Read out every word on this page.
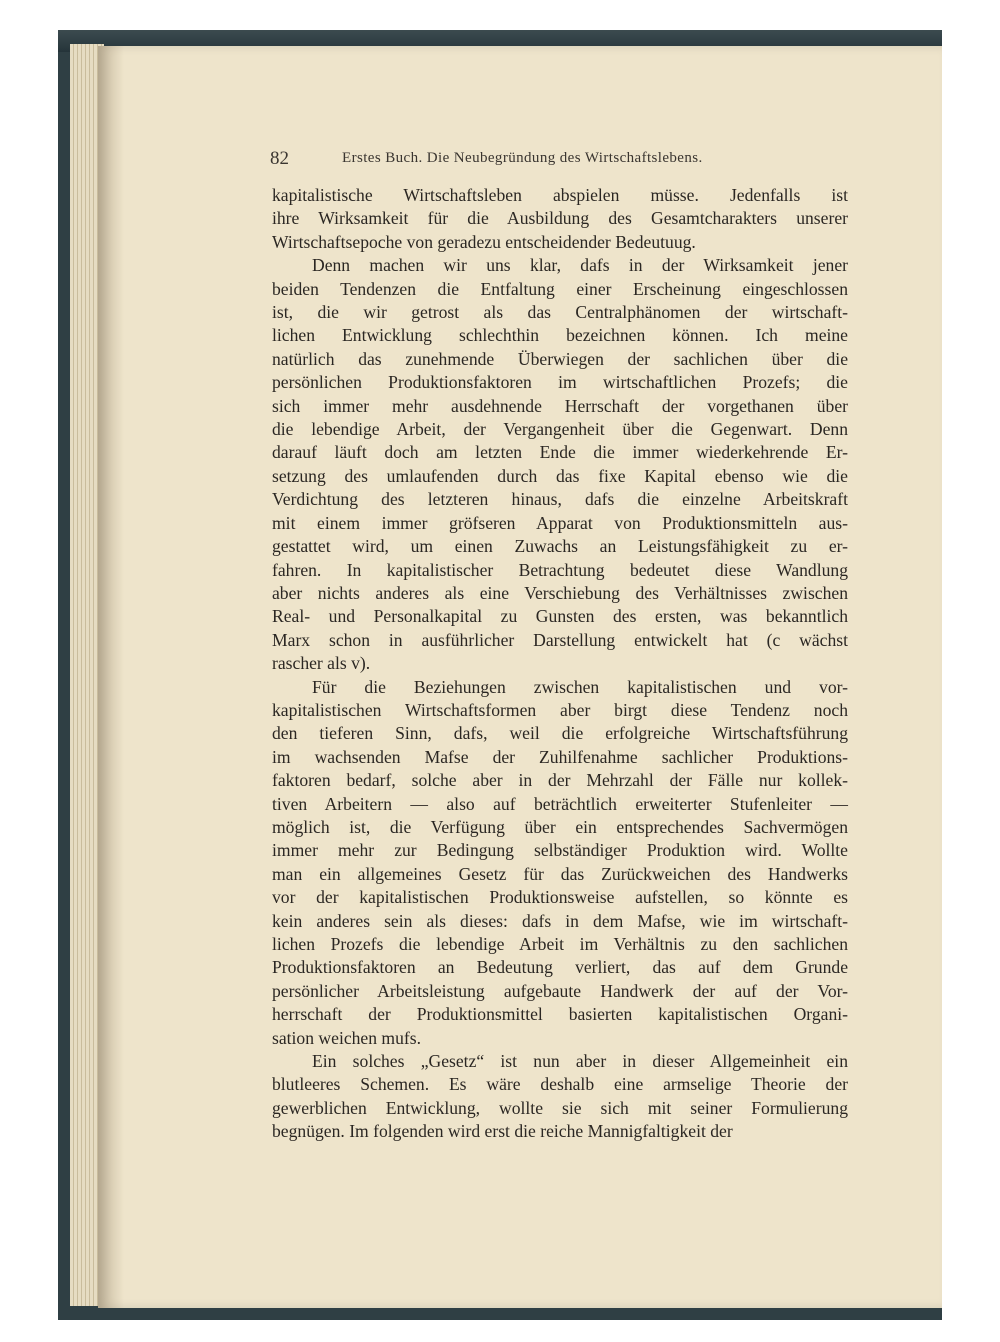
82	Erstes Buch. Die Neubegründung des Wirtschaftslebens.

kapitalistische Wirtschaftsleben abspielen müsse. Jedenfalls ist
ihre Wirksamkeit für die Ausbildung des Gesamtcharakters unserer
Wirtschaftsepoche von geradezu entscheidender Bedeutuug.

Denn machen wir uns klar, dafs in der Wirksamkeit jener
beiden Tendenzen die Entfaltung einer Erscheinung eingeschlossen
ist, die wir getrost als das Centralphänomen der wirtschaft-
lichen Entwicklung schlechthin bezeichnen können. Ich meine
natürlich das zunehmende Überwiegen der sachlichen über die
persönlichen Produktionsfaktoren im wirtschaftlichen Prozefs; die
sich immer mehr ausdehnende Herrschaft der vorgethanen über
die lebendige Arbeit, der Vergangenheit über die Gegenwart. Denn
darauf läuft doch am letzten Ende die immer wiederkehrende Er-
setzung des umlaufenden durch das fixe Kapital ebenso wie die
Verdichtung des letzteren hinaus, dafs die einzelne Arbeitskraft
mit einem immer gröfseren Apparat von Produktionsmitteln aus-
gestattet wird, um einen Zuwachs an Leistungsfähigkeit zu er-
fahren. In kapitalistischer Betrachtung bedeutet diese Wandlung
aber nichts anderes als eine Verschiebung des Verhältnisses zwischen
Real- und Personalkapital zu Gunsten des ersten, was bekanntlich
Marx schon in ausführlicher Darstellung entwickelt hat (c wächst
rascher als v).

Für die Beziehungen zwischen kapitalistischen und vor-
kapitalistischen Wirtschaftsformen aber birgt diese Tendenz noch
den tieferen Sinn, dafs, weil die erfolgreiche Wirtschaftsführung
im wachsenden Mafse der Zuhilfenahme sachlicher Produktions-
faktoren bedarf, solche aber in der Mehrzahl der Fälle nur kollek-
tiven Arbeitern — also auf beträchtlich erweiterter Stufenleiter —
möglich ist, die Verfügung über ein entsprechendes Sachvermögen
immer mehr zur Bedingung selbständiger Produktion wird. Wollte
man ein allgemeines Gesetz für das Zurückweichen des Handwerks
vor der kapitalistischen Produktionsweise aufstellen, so könnte es
kein anderes sein als dieses: dafs in dem Mafse, wie im wirtschaft-
lichen Prozefs die lebendige Arbeit im Verhältnis zu den sachlichen
Produktionsfaktoren an Bedeutung verliert, das auf dem Grunde
persönlicher Arbeitsleistung aufgebaute Handwerk der auf der Vor-
herrschaft der Produktionsmittel basierten kapitalistischen Organi-
sation weichen mufs.

Ein solches „Gesetz“ ist nun aber in dieser Allgemeinheit ein
blutleeres Schemen. Es wäre deshalb eine armselige Theorie der
gewerblichen Entwicklung, wollte sie sich mit seiner Formulierung
begnügen. Im folgenden wird erst die reiche Mannigfaltigkeit der
